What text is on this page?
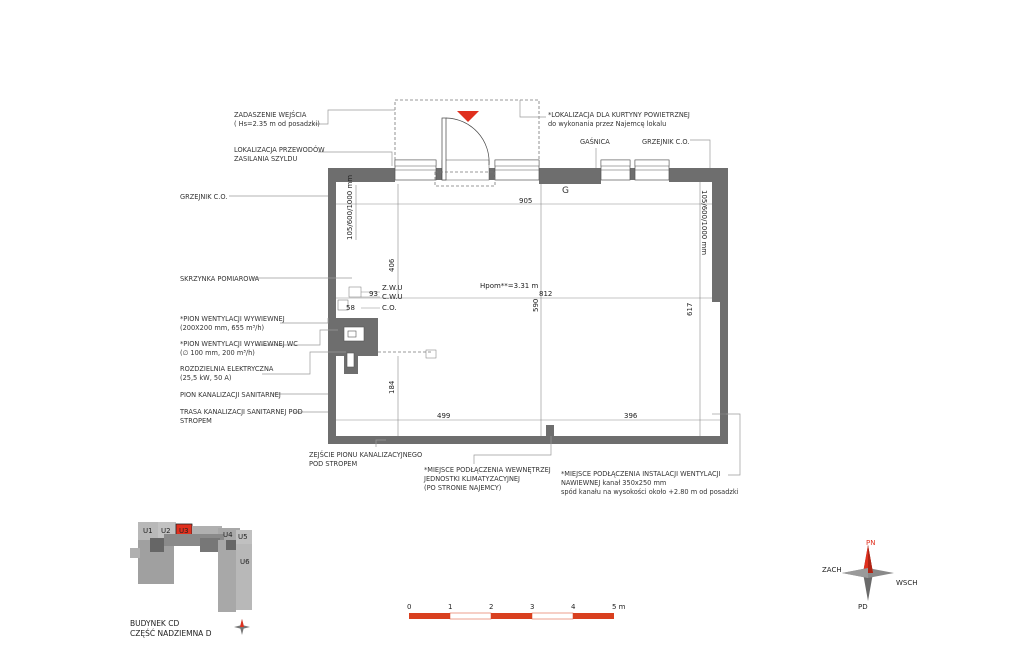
ZADASZENIE WEJŚCIA
( Hs=2.35 m od posadzki)
LOKALIZACJA PRZEWODÓW
ZASILANIA SZYLDU
GRZEJNIK C.O.
SKRZYNKA POMIAROWA
*PION WENTYLACJI WYWIEWNEJ
(200X200 mm, 655 m³/h)
*PION WENTYLACJI WYWIEWNEJ WC
(∅ 100 mm, 200 m³/h)
ROZDZIELNIA ELEKTRYCZNA
(25,5 kW, 50 A)
PION KANALIZACJI SANITARNEJ
TRASA KANALIZACJI SANITARNEJ POD
STROPEM
*LOKALIZACJA DLA KURTYNY POWIETRZNEJ
do wykonania przez Najemcę lokalu
GAŚNICA	GRZEJNIK C.O.
ZEJŚCIE PIONU KANALIZACYJNEGO
POD STROPEM
*MIEJSCE PODŁĄCZENIA WEWNĘTRZEJ
JEDNOSTKI KLIMATYZACYJNEJ
(PO STRONIE NAJEMCY)
*MIEJSCE PODŁĄCZENIA INSTALACJI WENTYLACJI
NAWIEWNEJ kanał 350x250 mm
spód kanału na wysokości około +2.80 m od posadzki
G
905
812
Hpom**=3.31 m
499	396
93
58
Z.W.U
C.W.U
C.O.
406
590	617
184
105/600/1000 mm	105/600/1000 mm
U1 U2 U3	U4 U5
U6
BUDYNEK CD
CZĘŚĆ NADZIEMNA D
0	1	2	3	4	5 m
PN
PD
WSCH
ZACH
